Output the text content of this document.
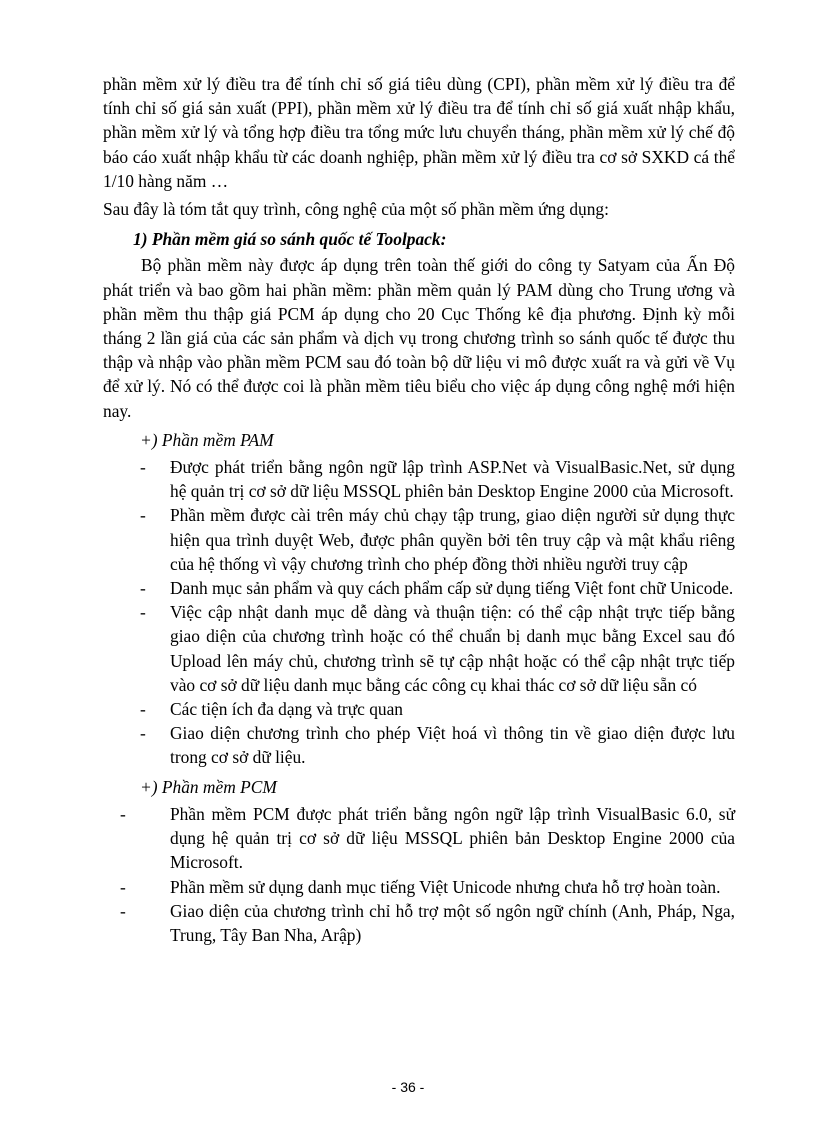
phần mềm xử lý điều tra để tính chỉ số giá tiêu dùng (CPI), phần mềm xử lý điều tra để tính chỉ số giá sản xuất (PPI), phần mềm xử lý điều tra để tính chỉ số giá xuất nhập khẩu, phần mềm xử lý và tổng hợp điều tra tổng mức lưu chuyển tháng, phần mềm xử lý chế độ báo cáo xuất nhập khẩu từ các doanh nghiệp, phần mềm xử lý điều tra cơ sở SXKD cá thể 1/10 hàng năm …

Sau đây là tóm tắt quy trình, công nghệ của một số phần mềm ứng dụng:

1) Phần mềm giá so sánh quốc tế Toolpack:

Bộ phần mềm này được áp dụng trên toàn thế giới do công ty Satyam của Ấn Độ phát triển và bao gồm hai phần mềm: phần mềm quản lý PAM dùng cho Trung ương và phần mềm thu thập giá PCM áp dụng cho 20 Cục Thống kê địa phương. Định kỳ mỗi tháng 2 lần giá của các sản phẩm và dịch vụ trong chương trình so sánh quốc tế được thu thập và nhập vào phần mềm PCM sau đó toàn bộ dữ liệu vi mô được xuất ra và gửi về Vụ để xử lý. Nó có thể được coi là phần mềm tiêu biểu cho việc áp dụng công nghệ mới hiện nay.

+) Phần mềm PAM

- Được phát triển bằng ngôn ngữ lập trình ASP.Net và VisualBasic.Net, sử dụng hệ quản trị cơ sở dữ liệu MSSQL phiên bản Desktop Engine 2000 của Microsoft.
- Phần mềm được cài trên máy chủ chạy tập trung, giao diện người sử dụng thực hiện qua trình duyệt Web, được phân quyền bởi tên truy cập và mật khẩu riêng của hệ thống vì vậy chương trình cho phép đồng thời nhiều người truy cập
- Danh mục sản phẩm và quy cách phẩm cấp sử dụng tiếng Việt font chữ Unicode.
- Việc cập nhật danh mục dễ dàng và thuận tiện: có thể cập nhật trực tiếp bằng giao diện của chương trình hoặc có thể chuẩn bị danh mục bằng Excel sau đó Upload lên máy chủ, chương trình sẽ tự cập nhật hoặc có thể cập nhật trực tiếp vào cơ sở dữ liệu danh mục bằng các công cụ khai thác cơ sở dữ liệu sẵn có
- Các tiện ích đa dạng và trực quan
- Giao diện chương trình cho phép Việt hoá vì thông tin về giao diện được lưu trong cơ sở dữ liệu.

+) Phần mềm PCM

-	Phần mềm PCM được phát triển bằng ngôn ngữ lập trình VisualBasic 6.0, sử dụng hệ quản trị cơ sở dữ liệu MSSQL phiên bản Desktop Engine 2000 của Microsoft.
-	Phần mềm sử dụng danh mục tiếng Việt Unicode nhưng chưa hỗ trợ hoàn toàn.
-	Giao diện của chương trình chỉ hỗ trợ một số ngôn ngữ chính (Anh, Pháp, Nga, Trung, Tây Ban Nha, Arập)
- 36 -
